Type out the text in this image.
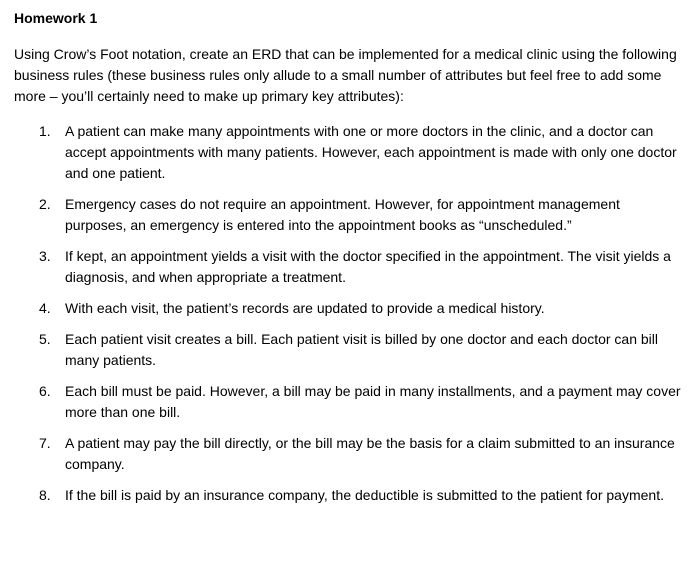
Homework 1
Using Crow’s Foot notation, create an ERD that can be implemented for a medical clinic using the following business rules (these business rules only allude to a small number of attributes but feel free to add some more – you’ll certainly need to make up primary key attributes):
1. A patient can make many appointments with one or more doctors in the clinic, and a doctor can accept appointments with many patients. However, each appointment is made with only one doctor and one patient.
2. Emergency cases do not require an appointment. However, for appointment management purposes, an emergency is entered into the appointment books as “unscheduled.”
3. If kept, an appointment yields a visit with the doctor specified in the appointment. The visit yields a diagnosis, and when appropriate a treatment.
4. With each visit, the patient’s records are updated to provide a medical history.
5. Each patient visit creates a bill. Each patient visit is billed by one doctor and each doctor can bill many patients.
6. Each bill must be paid. However, a bill may be paid in many installments, and a payment may cover more than one bill.
7. A patient may pay the bill directly, or the bill may be the basis for a claim submitted to an insurance company.
8. If the bill is paid by an insurance company, the deductible is submitted to the patient for payment.
